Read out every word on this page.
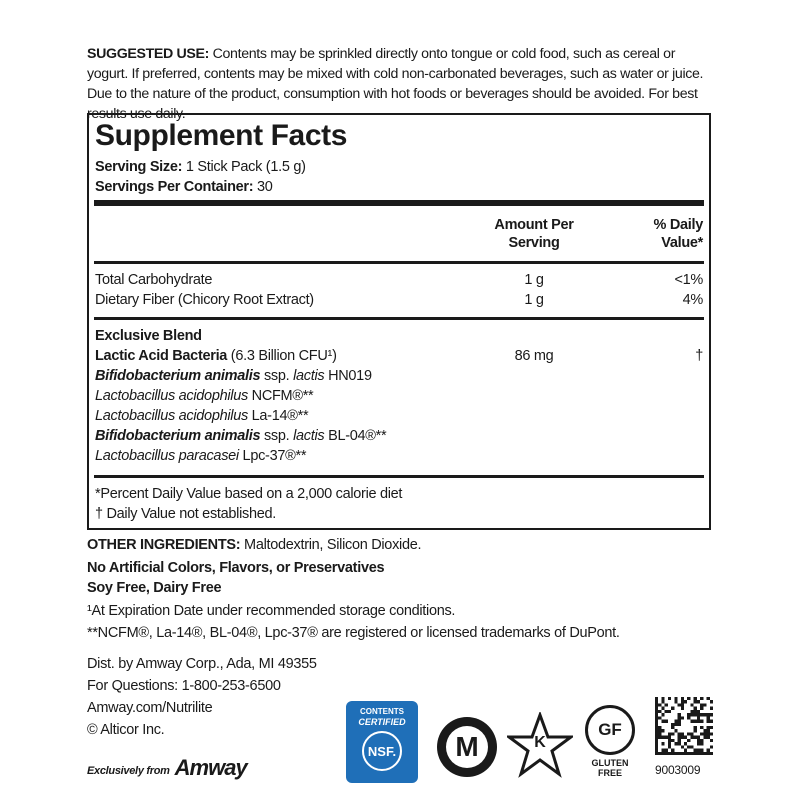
SUGGESTED USE: Contents may be sprinkled directly onto tongue or cold food, such as cereal or yogurt. If preferred, contents may be mixed with cold non-carbonated beverages, such as water or juice. Due to the nature of the product, consumption with hot foods or beverages should be avoided. For best results use daily.
Supplement Facts
Serving Size: 1 Stick Pack (1.5 g)
Servings Per Container: 30
Amount Per Serving
% Daily Value*
Total Carbohydrate	1 g	<1%
Dietary Fiber (Chicory Root Extract)	1 g	4%
Exclusive Blend
Lactic Acid Bacteria (6.3 Billion CFU¹)	86 mg	†
Bifidobacterium animalis ssp. lactis HN019
Lactobacillus acidophilus NCFM®**
Lactobacillus acidophilus La-14®**
Bifidobacterium animalis ssp. lactis BL-04®**
Lactobacillus paracasei Lpc-37®**
*Percent Daily Value based on a 2,000 calorie diet
† Daily Value not established.
OTHER INGREDIENTS: Maltodextrin, Silicon Dioxide.
No Artificial Colors, Flavors, or Preservatives
Soy Free, Dairy Free
¹At Expiration Date under recommended storage conditions.
**NCFM®, La-14®, BL-04®, Lpc-37® are registered or licensed trademarks of DuPont.
Dist. by Amway Corp., Ada, MI 49355
For Questions: 1-800-253-6500
Amway.com/Nutrilite
© Alticor Inc.
Exclusively from Amway
CONTENTS
CERTIFIED
NSF.	M	K
GF
GLUTEN
FREE	9003009
